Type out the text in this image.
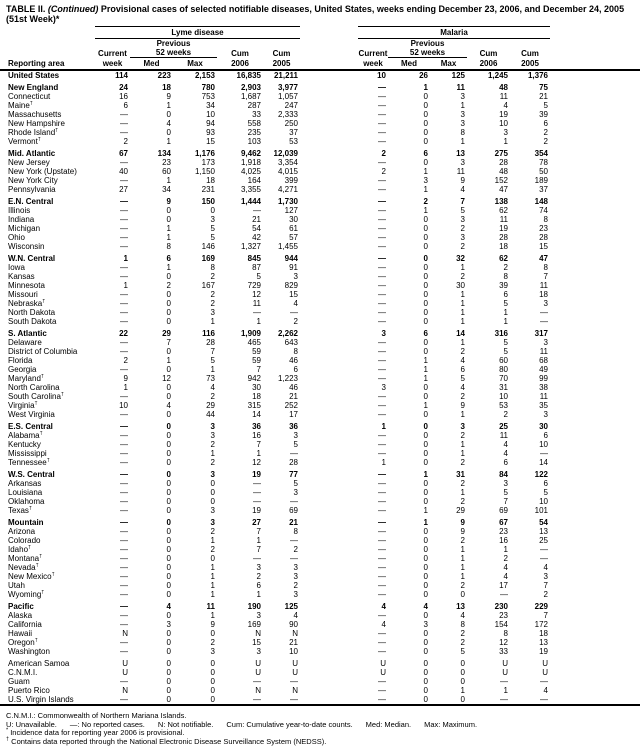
TABLE II. (Continued) Provisional cases of selected notifiable diseases, United States, weeks ending December 23, 2006, and December 24, 2005 (51st Week)*

Reporting area	Lyme disease						Malaria					
		Previous						Previous				
	Current	52 weeks		Cum	Cum		Current	52 weeks		Cum	Cum	
	week	Med	Max	2006	2005		week	Med	Max	2006	2005	

United States	114	223	2,153	16,835	21,211		10	26	125	1,245	1,376	

New England	24	18	780	2,903	3,977		—	1	11	48	75	
Connecticut	16	9	753	1,687	1,057		—	0	3	11	21	
Maine†	6	1	34	287	247		—	0	1	4	5	
Massachusetts	—	0	10	33	2,333		—	0	3	19	39	
New Hampshire	—	4	94	558	250		—	0	3	10	6	
Rhode Island†	—	0	93	235	37		—	0	8	3	2	
Vermont†	2	1	15	103	53		—	0	1	1	2	

Mid. Atlantic	67	134	1,176	9,462	12,039		2	6	13	275	354	
New Jersey	—	23	173	1,918	3,354		—	0	3	28	78	
New York (Upstate)	40	60	1,150	4,025	4,015		2	1	11	48	50	
New York City	—	1	18	164	399		—	3	9	152	189	
Pennsylvania	27	34	231	3,355	4,271		—	1	4	47	37	

E.N. Central	—	9	150	1,444	1,730		—	2	7	138	148	
Illinois	—	0	0	—	127		—	1	5	62	74	
Indiana	—	0	3	21	30		—	0	3	11	8	
Michigan	—	1	5	54	61		—	0	2	19	23	
Ohio	—	1	5	42	57		—	0	3	28	28	
Wisconsin	—	8	146	1,327	1,455		—	0	2	18	15	

W.N. Central	1	6	169	845	944		—	0	32	62	47	
Iowa	—	1	8	87	91		—	0	1	2	8	
Kansas	—	0	2	5	3		—	0	2	8	7	
Minnesota	1	2	167	729	829		—	0	30	39	11	
Missouri	—	0	2	12	15		—	0	1	6	18	
Nebraska†	—	0	2	11	4		—	0	1	5	3	
North Dakota	—	0	3	—	—		—	0	1	1	—	
South Dakota	—	0	1	1	2		—	0	1	1	—	

S. Atlantic	22	29	116	1,909	2,262		3	6	14	316	317	
Delaware	—	7	28	465	643		—	0	1	5	3	
District of Columbia	—	0	7	59	8		—	0	2	5	11	
Florida	2	1	5	59	46		—	1	4	60	68	
Georgia	—	0	1	7	6		—	1	6	80	49	
Maryland†	9	12	73	942	1,223		—	1	5	70	99	
North Carolina	1	0	4	30	46		3	0	4	31	38	
South Carolina†	—	0	2	18	21		—	0	2	10	11	
Virginia†	10	4	29	315	252		—	1	9	53	35	
West Virginia	—	0	44	14	17		—	0	1	2	3	

E.S. Central	—	0	3	36	36		1	0	3	25	30	
Alabama†	—	0	3	16	3		—	0	2	11	6	
Kentucky	—	0	2	7	5		—	0	1	4	10	
Mississippi	—	0	1	1	—		—	0	1	4	—	
Tennessee†	—	0	2	12	28		1	0	2	6	14	

W.S. Central	—	0	3	19	77		—	1	31	84	122	
Arkansas	—	0	0	—	5		—	0	2	3	6	
Louisiana	—	0	0	—	3		—	0	1	5	5	
Oklahoma	—	0	0	—	—		—	0	2	7	10	
Texas†	—	0	3	19	69		—	1	29	69	101	

Mountain	—	0	3	27	21		—	1	9	67	54	
Arizona	—	0	2	7	8		—	0	9	23	13	
Colorado	—	0	1	1	—		—	0	2	16	25	
Idaho†	—	0	2	7	2		—	0	1	1	—	
Montana†	—	0	0	—	—		—	0	1	2	—	
Nevada†	—	0	1	3	3		—	0	1	4	4	
New Mexico†	—	0	1	2	3		—	0	1	4	3	
Utah	—	0	1	6	2		—	0	2	17	7	
Wyoming†	—	0	1	1	3		—	0	0	—	2	

Pacific	—	4	11	190	125		4	4	13	230	229	
Alaska	—	0	1	3	4		—	0	4	23	7	
California	—	3	9	169	90		4	3	8	154	172	
Hawaii	N	0	0	N	N		—	0	2	8	18	
Oregon†	—	0	2	15	21		—	0	2	12	13	
Washington	—	0	3	3	10		—	0	5	33	19	

American Samoa	U	0	0	U	U		U	0	0	U	U	
C.N.M.I.	U	0	0	U	U		U	0	0	U	U	
Guam	—	0	0	—	—		—	0	0	—	—	
Puerto Rico	N	0	0	N	N		—	0	1	1	4	
U.S. Virgin Islands	—	0	0	—	—		—	0	0	—	—	

C.N.M.I.: Commonwealth of Northern Mariana Islands.
U: Unavailable. —: No reported cases. N: Not notifiable. Cum: Cumulative year-to-date counts. Med: Median. Max: Maximum.
* Incidence data for reporting year 2006 is provisional.
† Contains data reported through the National Electronic Disease Surveillance System (NEDSS).
